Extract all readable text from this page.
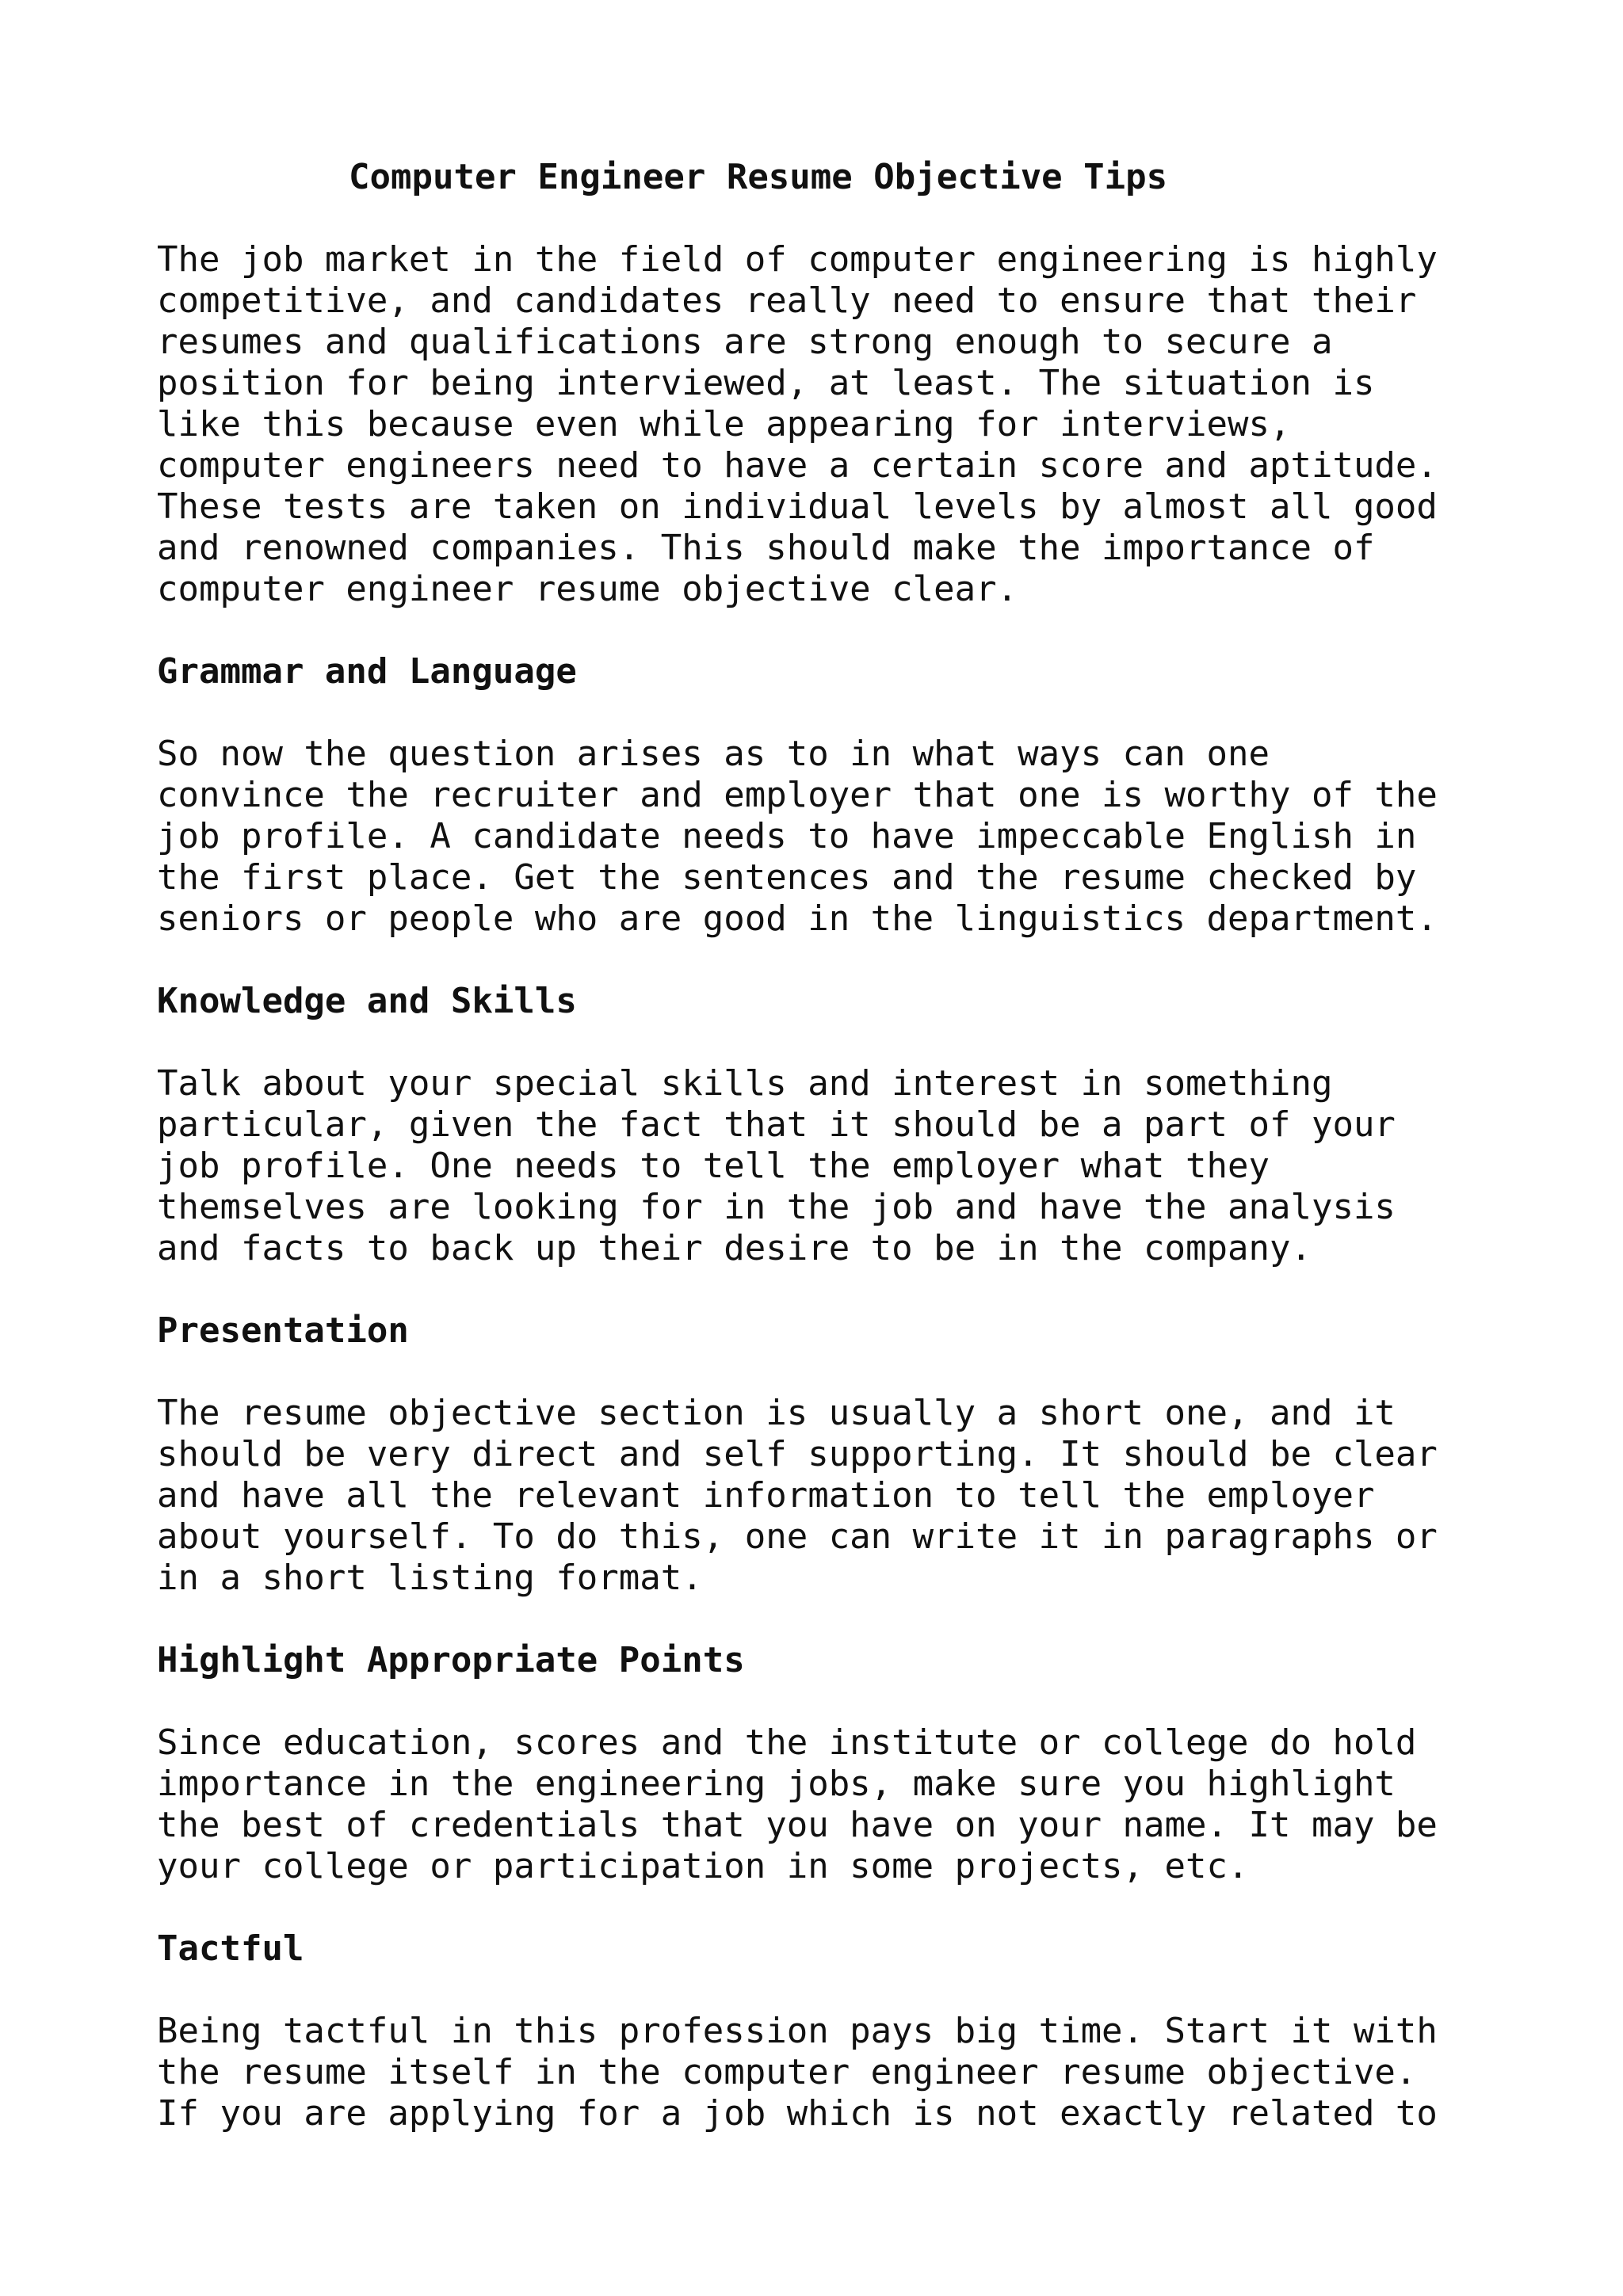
Computer Engineer Resume Objective Tips
The job market in the field of computer engineering is highly
competitive, and candidates really need to ensure that their
resumes and qualifications are strong enough to secure a
position for being interviewed, at least. The situation is
like this because even while appearing for interviews,
computer engineers need to have a certain score and aptitude.
These tests are taken on individual levels by almost all good
and renowned companies. This should make the importance of
computer engineer resume objective clear.
Grammar and Language
So now the question arises as to in what ways can one
convince the recruiter and employer that one is worthy of the
job profile. A candidate needs to have impeccable English in
the first place. Get the sentences and the resume checked by
seniors or people who are good in the linguistics department.
Knowledge and Skills
Talk about your special skills and interest in something
particular, given the fact that it should be a part of your
job profile. One needs to tell the employer what they
themselves are looking for in the job and have the analysis
and facts to back up their desire to be in the company.
Presentation
The resume objective section is usually a short one, and it
should be very direct and self supporting. It should be clear
and have all the relevant information to tell the employer
about yourself. To do this, one can write it in paragraphs or
in a short listing format.
Highlight Appropriate Points
Since education, scores and the institute or college do hold
importance in the engineering jobs, make sure you highlight
the best of credentials that you have on your name. It may be
your college or participation in some projects, etc.
Tactful
Being tactful in this profession pays big time. Start it with
the resume itself in the computer engineer resume objective.
If you are applying for a job which is not exactly related to
